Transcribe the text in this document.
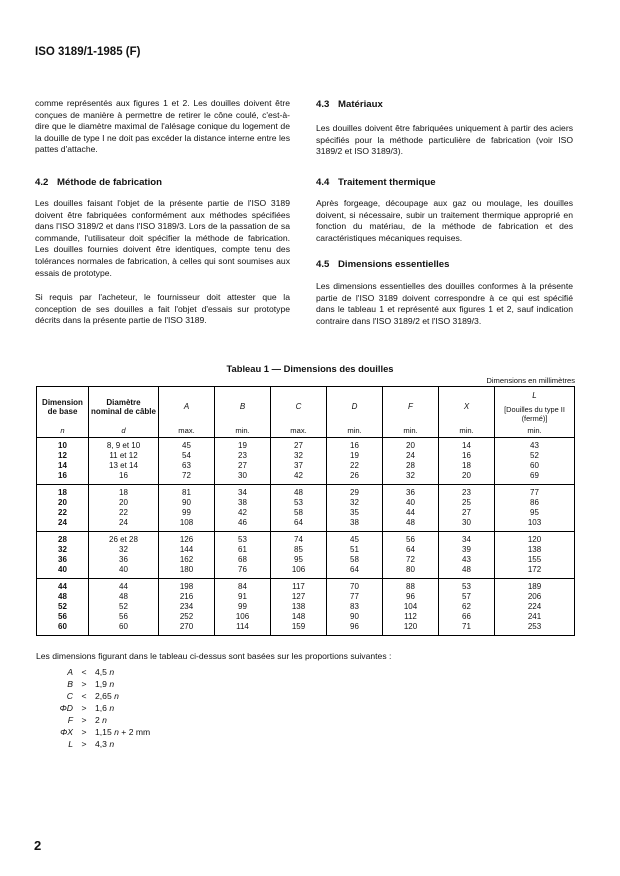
ISO 3189/1-1985 (F)

comme représentés aux figures 1 et 2. Les douilles doivent être conçues de manière à permettre de retirer le cône coulé, c'est-à-dire que le diamètre maximal de l'alésage conique du logement de la douille de type I ne doit pas excéder la distance interne entre les pattes d'attache.

4.2 Méthode de fabrication

Les douilles faisant l'objet de la présente partie de l'ISO 3189 doivent être fabriquées conformément aux méthodes spécifiées dans l'ISO 3189/2 et dans l'ISO 3189/3. Lors de la passation de sa commande, l'utilisateur doit spécifier la méthode de fabrication. Les douilles fournies doivent être identiques, compte tenu des tolérances normales de fabrication, à celles qui sont soumises aux essais de prototype.

Si requis par l'acheteur, le fournisseur doit attester que la conception de ses douilles a fait l'objet d'essais sur prototype décrits dans la présente partie de l'ISO 3189.

4.3 Matériaux

Les douilles doivent être fabriquées uniquement à partir des aciers spécifiés pour la méthode particulière de fabrication (voir ISO 3189/2 et ISO 3189/3).

4.4 Traitement thermique

Après forgeage, découpage aux gaz ou moulage, les douilles doivent, si nécessaire, subir un traitement thermique approprié en fonction du matériau, de la méthode de fabrication et des caractéristiques mécaniques requises.

4.5 Dimensions essentielles

Les dimensions essentielles des douilles conformes à la présente partie de l'ISO 3189 doivent correspondre à ce qui est spécifié dans le tableau 1 et représenté aux figures 1 et 2, sauf indication contraire dans l'ISO 3189/2 et l'ISO 3189/3.

Tableau 1 — Dimensions des douilles
Dimensions en millimètres
Dimension de base	Diamètre nominal de câble	A	B	C	D	F	X	L
[Douilles du type II (fermé)]

n	d	max.	min.	max.	min.	min.	min.	min.
10	8, 9 et 10	45	19	27	16	20	14	43
12	11 et 12	54	23	32	19	24	16	52
14	13 et 14	63	27	37	22	28	18	60
16	16	72	30	42	26	32	20	69
18	18	81	34	48	29	36	23	77
20	20	90	38	53	32	40	25	86
22	22	99	42	58	35	44	27	95
24	24	108	46	64	38	48	30	103
28	26 et 28	126	53	74	45	56	34	120
32	32	144	61	85	51	64	39	138
36	36	162	68	95	58	72	43	155
40	40	180	76	106	64	80	48	172
44	44	198	84	117	70	88	53	189
48	48	216	91	127	77	96	57	206
52	52	234	99	138	83	104	62	224
56	56	252	106	148	90	112	66	241
60	60	270	114	159	96	120	71	253
Les dimensions figurant dans le tableau ci-dessus sont basées sur les proportions suivantes :
A < 4,5 n
B > 1,9 n
C < 2,65 n
ΦD > 1,6 n
F > 2 n
ΦX > 1,15 n + 2 mm
L > 4,3 n
2
